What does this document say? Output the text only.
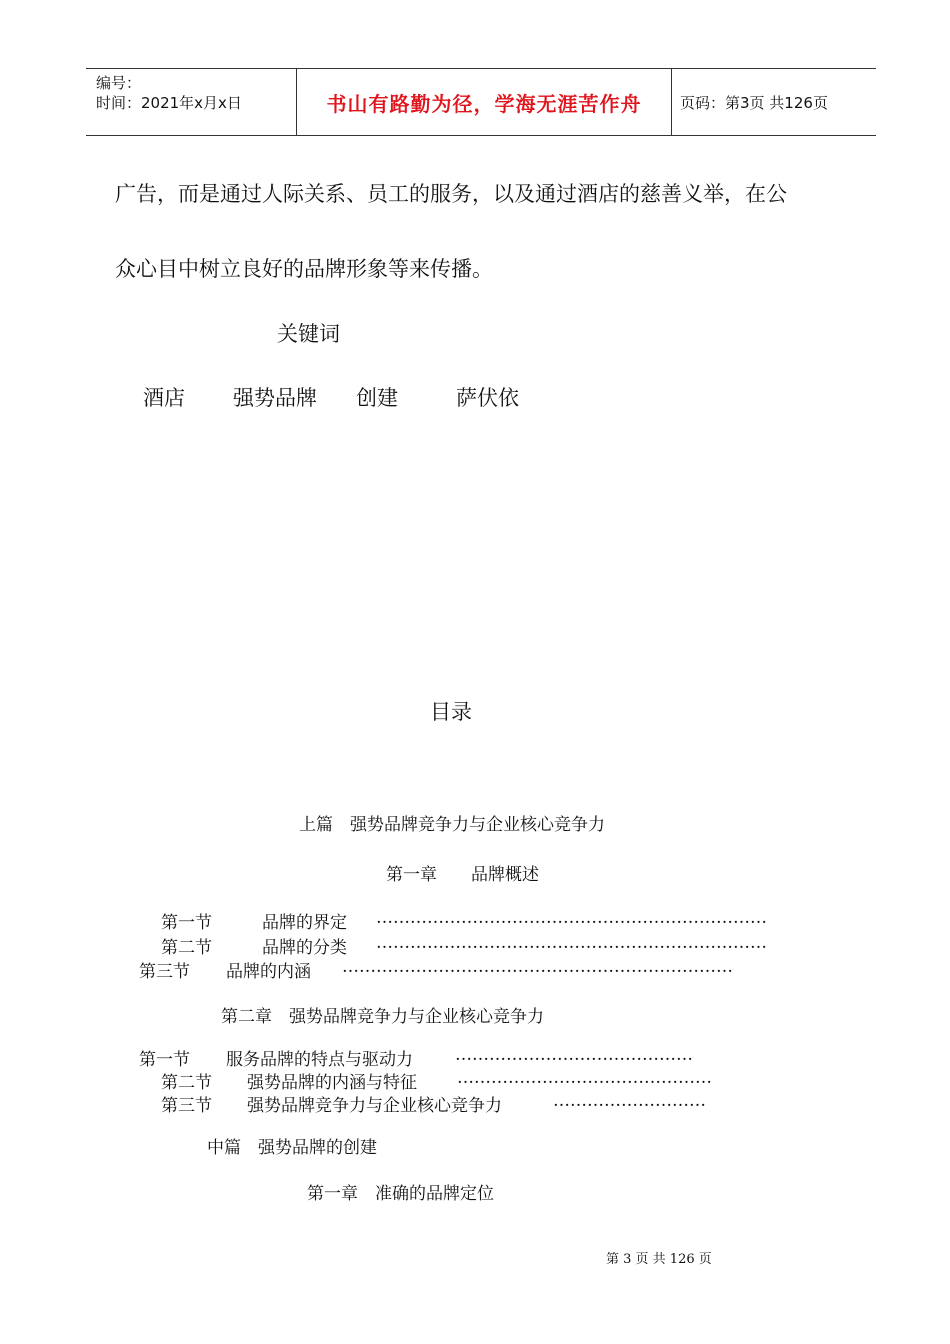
编号：
时间：2021年x月x日	书山有路勤为径，学海无涯苦作舟	页码：第3页 共126页
广告，而是通过人际关系、员工的服务，以及通过酒店的慈善义举，在公
众心目中树立良好的品牌形象等来传播。
关键词
酒店 强势品牌 创建	萨伏依
目录
上篇　强势品牌竞争力与企业核心竞争力
第一章　　品牌概述
第一节	品牌的界定 ……………………………………………………………
第二节	品牌的分类 ……………………………………………………………
第三节 品牌的内涵 ……………………………………………………………
第二章　强势品牌竞争力与企业核心竞争力
第一节 服务品牌的特点与驱动力 ……………………………………
第二节 强势品牌的内涵与特征 ………………………………………
第三节 强势品牌竞争力与企业核心竞争力	………………………
中篇　强势品牌的创建
第一章　准确的品牌定位
第 3 页 共 126 页
